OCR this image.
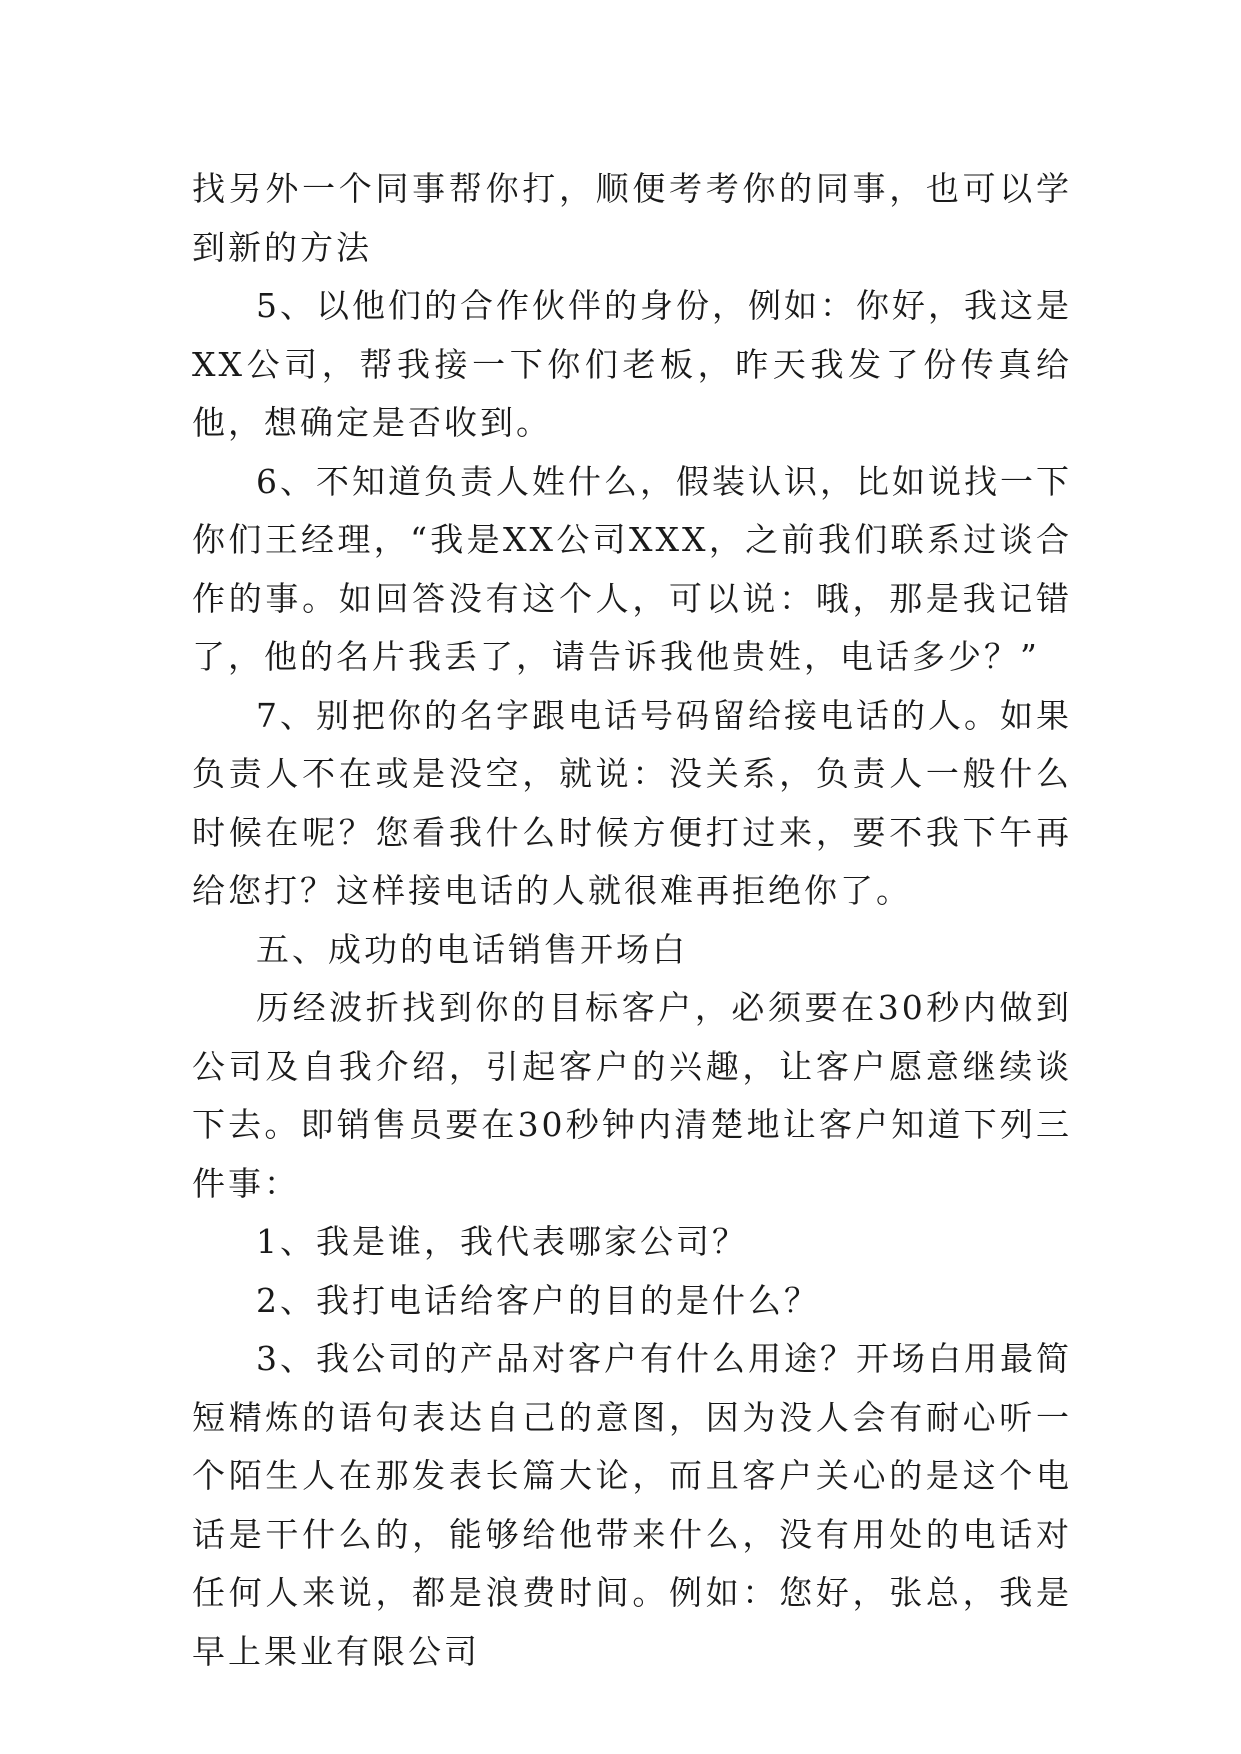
找另外一个同事帮你打，顺便考考你的同事，也可以学到新的方法

5、以他们的合作伙伴的身份，例如：你好，我这是XX公司，帮我接一下你们老板，昨天我发了份传真给他，想确定是否收到。

6、不知道负责人姓什么，假装认识，比如说找一下你们王经理，“我是XX公司XXX，之前我们联系过谈合作的事。如回答没有这个人，可以说：哦，那是我记错了，他的名片我丢了，请告诉我他贵姓，电话多少？”

7、别把你的名字跟电话号码留给接电话的人。如果负责人不在或是没空，就说：没关系，负责人一般什么时候在呢？您看我什么时候方便打过来，要不我下午再给您打？这样接电话的人就很难再拒绝你了。

五、成功的电话销售开场白

历经波折找到你的目标客户，必须要在30秒内做到公司及自我介绍，引起客户的兴趣，让客户愿意继续谈下去。即销售员要在30秒钟内清楚地让客户知道下列三件事：

1、我是谁，我代表哪家公司？

2、我打电话给客户的目的是什么？

3、我公司的产品对客户有什么用途？开场白用最简短精炼的语句表达自己的意图，因为没人会有耐心听一个陌生人在那发表长篇大论，而且客户关心的是这个电话是干什么的，能够给他带来什么，没有用处的电话对任何人来说，都是浪费时间。例如：您好，张总，我是早上果业有限公司
